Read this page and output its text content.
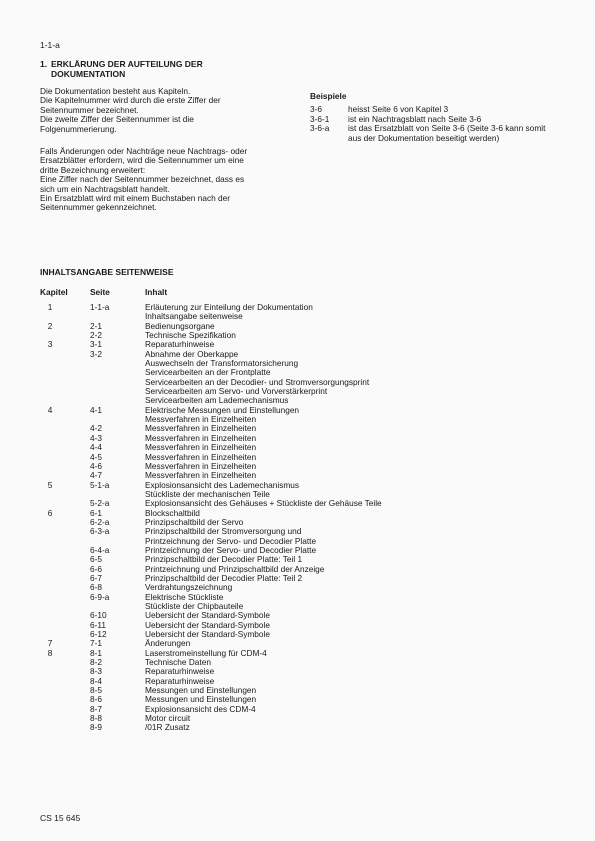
1-1-a
1. ERKLÄRUNG DER AUFTEILUNG DER
DOKUMENTATION
Die Dokumentation besteht aus Kapiteln.
Die Kapitelnummer wird durch die erste Ziffer der
Seitennummer bezeichnet.
Die zweite Ziffer der Seitennummer ist die
Folgenummerierung.
Falls Änderungen oder Nachträge neue Nachtrags- oder
Ersatzblätter erfordern, wird die Seitennummer um eine
dritte Bezeichnung erweitert:
Eine Ziffer nach der Seitennummer bezeichnet, dass es
sich um ein Nachtragsblatt handelt.
Ein Ersatzblatt wird mit einem Buchstaben nach der
Seitennummer gekennzeichnet.
Beispiele
3-6	heisst Seite 6 von Kapitel 3
3-6-1	ist ein Nachtragsblatt nach Seite 3-6
3-6-a	ist das Ersatzblatt von Seite 3-6 (Seite 3-6 kann somit aus der Dokumentation beseitigt werden)
INHALTSANGABE SEITENWEISE
Kapitel	Seite	Inhalt
1	1-1-a	Erläuterung zur Einteilung der Dokumentation
Inhaltsangabe seitenweise
2	2-1	Bedienungsorgane
2-2	Technische Spezifikation
3	3-1	Reparaturhinweise
3-2	Abnahme der Oberkappe
Auswechseln der Transformatorsicherung
Servicearbeiten an der Frontplatte
Servicearbeiten an der Decodier- und Stromversorgungsprint
Servicearbeiten am Servo- und Vorverstärkerprint
Servicearbeiten am Lademechanismus
4	4-1	Elektrische Messungen und Einstellungen
Messverfahren in Einzelheiten
4-2	Messverfahren in Einzelheiten
4-3	Messverfahren in Einzelheiten
4-4	Messverfahren in Einzelheiten
4-5	Messverfahren in Einzelheiten
4-6	Messverfahren in Einzelheiten
4-7	Messverfahren in Einzelheiten
5	5-1-a	Explosionsansicht des Lademechanismus
Stückliste der mechanischen Teile
5-2-a	Explosionsansicht des Gehäuses + Stückliste der Gehäuse Teile
6	6-1	Blockschaltbild
6-2-a	Prinzipschaltbild der Servo
6-3-a	Prinzipschaltbild der Stromversorgung und
Printzeichnung der Servo- und Decodier Platte
6-4-a	Printzeichnung der Servo- und Decodier Platte
6-5	Prinzipschaltbild der Decodier Platte: Teil 1
6-6	Printzeichnung und Prinzipschaltbild der Anzeige
6-7	Prinzipschaltbild der Decodier Platte: Teil 2
6-8	Verdrahtungszeichnung
6-9-a	Elektrische Stückliste
Stückliste der Chipbauteile
6-10	Uebersicht der Standard-Symbole
6-11	Uebersicht der Standard-Symbole
6-12	Uebersicht der Standard-Symbole
7	7-1	Änderungen
8	8-1	Laserstromeinstellung für CDM-4
8-2	Technische Daten
8-3	Reparaturhinweise
8-4	Reparaturhinweise
8-5	Messungen und Einstellungen
8-6	Messungen und Einstellungen
8-7	Explosionsansicht des CDM-4
8-8	Motor circuit
8-9	/01R Zusatz
CS 15 645
